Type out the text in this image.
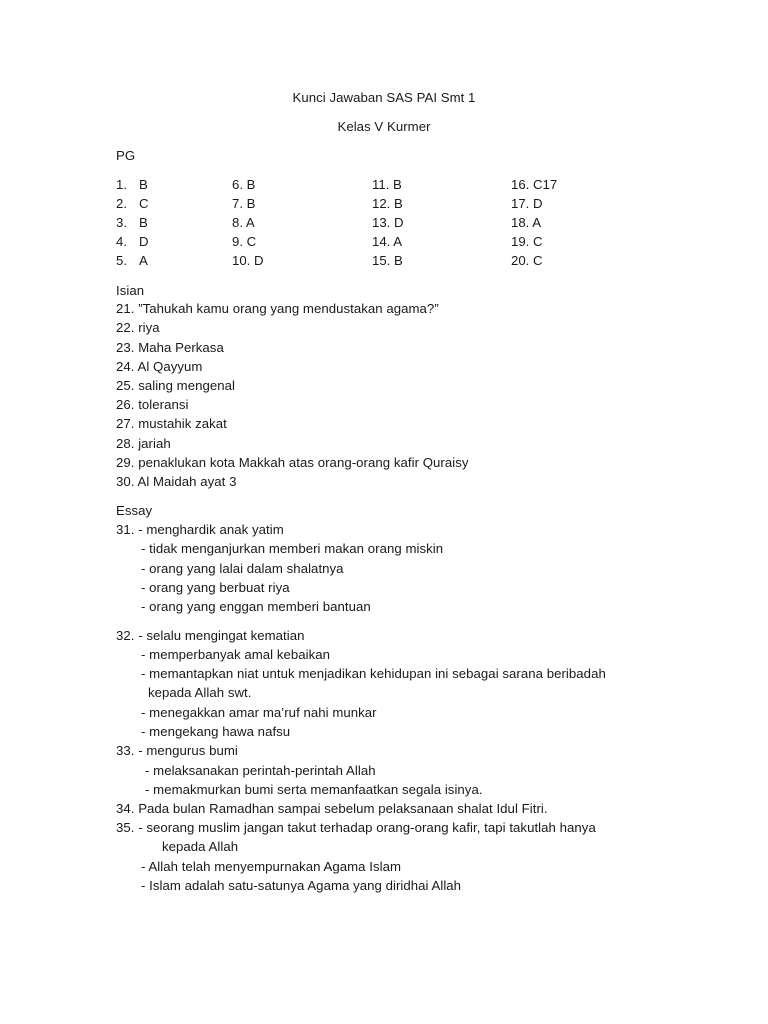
Kunci Jawaban SAS PAI Smt 1
Kelas V Kurmer
PG
1. B	6. B	11. B	16. C17
2. C	7. B	12. B	17. D
3. B	8. A	13. D	18. A
4. D	9. C	14. A	19. C
5. A	10. D	15. B	20. C
Isian
21. ”Tahukah kamu orang yang mendustakan agama?”
22. riya
23. Maha Perkasa
24. Al Qayyum
25. saling mengenal
26. toleransi
27. mustahik zakat
28. jariah
29. penaklukan kota Makkah atas orang-orang kafir Quraisy
30. Al Maidah ayat 3
Essay
31. - menghardik anak yatim
- tidak menganjurkan memberi makan orang miskin
- orang yang lalai dalam shalatnya
- orang yang berbuat riya
- orang yang enggan memberi bantuan
32. - selalu mengingat kematian
- memperbanyak amal kebaikan
- memantapkan niat untuk menjadikan kehidupan ini sebagai sarana beribadah
kepada Allah swt.
- menegakkan amar ma’ruf nahi munkar
- mengekang hawa nafsu
33. - mengurus bumi
- melaksanakan perintah-perintah Allah
- memakmurkan bumi serta memanfaatkan segala isinya.
34. Pada bulan Ramadhan sampai sebelum pelaksanaan shalat Idul Fitri.
35. - seorang muslim jangan takut terhadap orang-orang kafir, tapi takutlah hanya
kepada Allah
- Allah telah menyempurnakan Agama Islam
- Islam adalah satu-satunya Agama yang diridhai Allah
